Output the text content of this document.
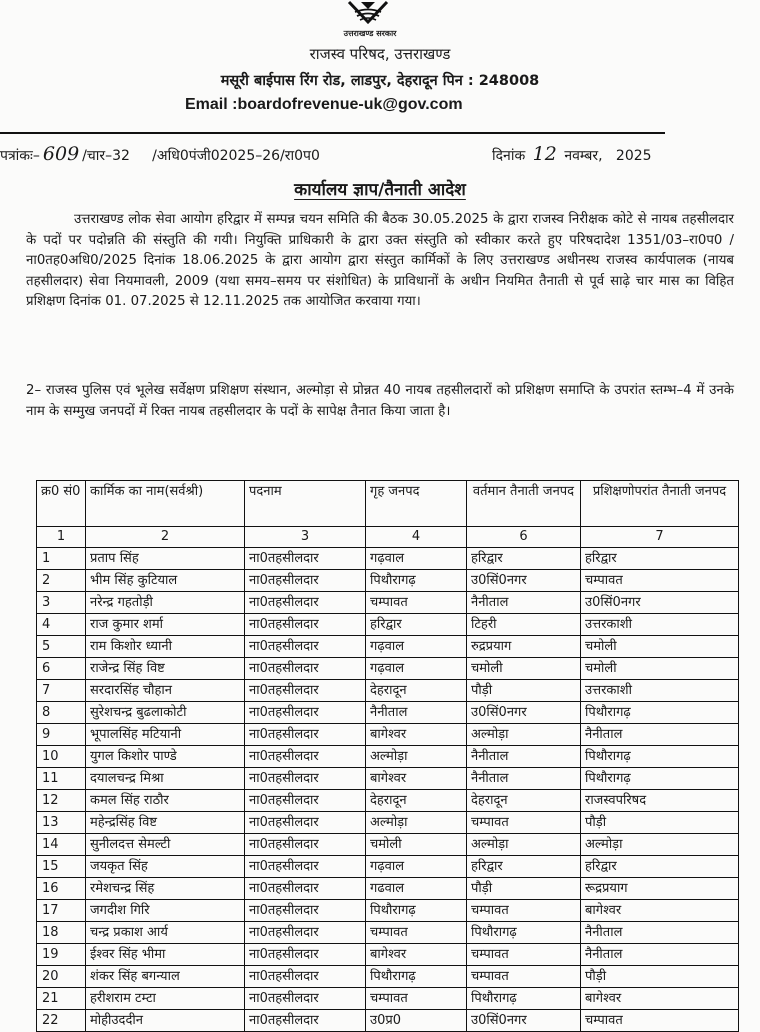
उत्तराखण्ड सरकार
राजस्व परिषद, उत्तराखण्ड
मसूरी बाईपास रिंग रोड, लाडपुर, देहरादून पिन : 248008
Email :boardofrevenue-uk@gov.com
पत्रांकः– 609 /चार–32     /अधि0पंजी02025–26/रा0प0	दिनांक 12 नवम्बर,   2025
कार्यालय ज्ञाप/तैनाती आदेश
उत्तराखण्ड लोक सेवा आयोग हरिद्वार में सम्पन्न चयन समिति की बैठक 30.05.2025 के द्वारा राजस्व निरीक्षक कोटे से नायब तहसीलदार के पदों पर पदोन्नति की संस्तुति की गयी। नियुक्ति प्राधिकारी के द्वारा उक्त संस्तुति को स्वीकार करते हुए परिषदादेश 1351/03–रा0प0 /ना0तह0अधि0/2025 दिनांक 18.06.2025 के द्वारा आयोग द्वारा संस्तुत कार्मिकों के लिए उत्तराखण्ड अधीनस्थ राजस्व कार्यपालक (नायब तहसीलदार) सेवा नियमावली, 2009 (यथा समय–समय पर संशोधित) के प्राविधानों के अधीन नियमित तैनाती से पूर्व साढ़े चार मास का विहित प्रशिक्षण दिनांक 01. 07.2025 से 12.11.2025 तक आयोजित करवाया गया।
2– राजस्व पुलिस एवं भूलेख सर्वेक्षण प्रशिक्षण संस्थान, अल्मोड़ा से प्रोन्नत 40 नायब तहसीलदारों को प्रशिक्षण समाप्ति के उपरांत स्तम्भ–4 में उनके नाम के सम्मुख जनपदों में रिक्त नायब तहसीलदार के पदों के सापेक्ष तैनात किया जाता है।
क्र0 सं0	कार्मिक का नाम(सर्वश्री)	पदनाम	गृह जनपद	वर्तमान तैनाती जनपद	प्रशिक्षणोपरांत तैनाती जनपद
1	2	3	4	6	7
1	प्रताप सिंह	ना0तहसीलदार	गढ़वाल	हरिद्वार	हरिद्वार
2	भीम सिंह कुटियाल	ना0तहसीलदार	पिथौरागढ़	उ0सिं0नगर	चम्पावत
3	नरेन्द्र गहतोड़ी	ना0तहसीलदार	चम्पावत	नैनीताल	उ0सिं0नगर
4	राज कुमार शर्मा	ना0तहसीलदार	हरिद्वार	टिहरी	उत्तरकाशी
5	राम किशोर ध्यानी	ना0तहसीलदार	गढ़वाल	रुद्रप्रयाग	चमोली
6	राजेन्द्र सिंह विष्ट	ना0तहसीलदार	गढ़वाल	चमोली	चमोली
7	सरदारसिंह चौहान	ना0तहसीलदार	देहरादून	पौड़ी	उत्तरकाशी
8	सुरेशचन्द्र बुढलाकोटी	ना0तहसीलदार	नैनीताल	उ0सिं0नगर	पिथौरागढ़
9	भूपालसिंह मटियानी	ना0तहसीलदार	बागेश्वर	अल्मोड़ा	नैनीताल
10	युगल किशोर पाण्डे	ना0तहसीलदार	अल्मोड़ा	नैनीताल	पिथौरागढ़
11	दयालचन्द्र मिश्रा	ना0तहसीलदार	बागेश्वर	नैनीताल	पिथौरागढ़
12	कमल सिंह राठौर	ना0तहसीलदार	देहरादून	देहरादून	राजस्वपरिषद
13	महेन्द्रसिंह विष्ट	ना0तहसीलदार	अल्मोड़ा	चम्पावत	पौड़ी
14	सुनीलदत्त सेमल्टी	ना0तहसीलदार	चमोली	अल्मोड़ा	अल्मोड़ा
15	जयकृत सिंह	ना0तहसीलदार	गढ़वाल	हरिद्वार	हरिद्वार
16	रमेशचन्द्र सिंह	ना0तहसीलदार	गढवाल	पौड़ी	रूद्रप्रयाग
17	जगदीश गिरि	ना0तहसीलदार	पिथौरागढ़	चम्पावत	बागेश्वर
18	चन्द्र प्रकाश आर्य	ना0तहसीलदार	चम्पावत	पिथौरागढ़	नैनीताल
19	ईश्वर सिंह भीमा	ना0तहसीलदार	बागेश्वर	चम्पावत	नैनीताल
20	शंकर सिंह बगन्याल	ना0तहसीलदार	पिथौरागढ़	चम्पावत	पौड़ी
21	हरीशराम टम्टा	ना0तहसीलदार	चम्पावत	पिथौरागढ़	बागेश्वर
22	मोहीउददीन	ना0तहसीलदार	उ0प्र0	उ0सिं0नगर	चम्पावत
